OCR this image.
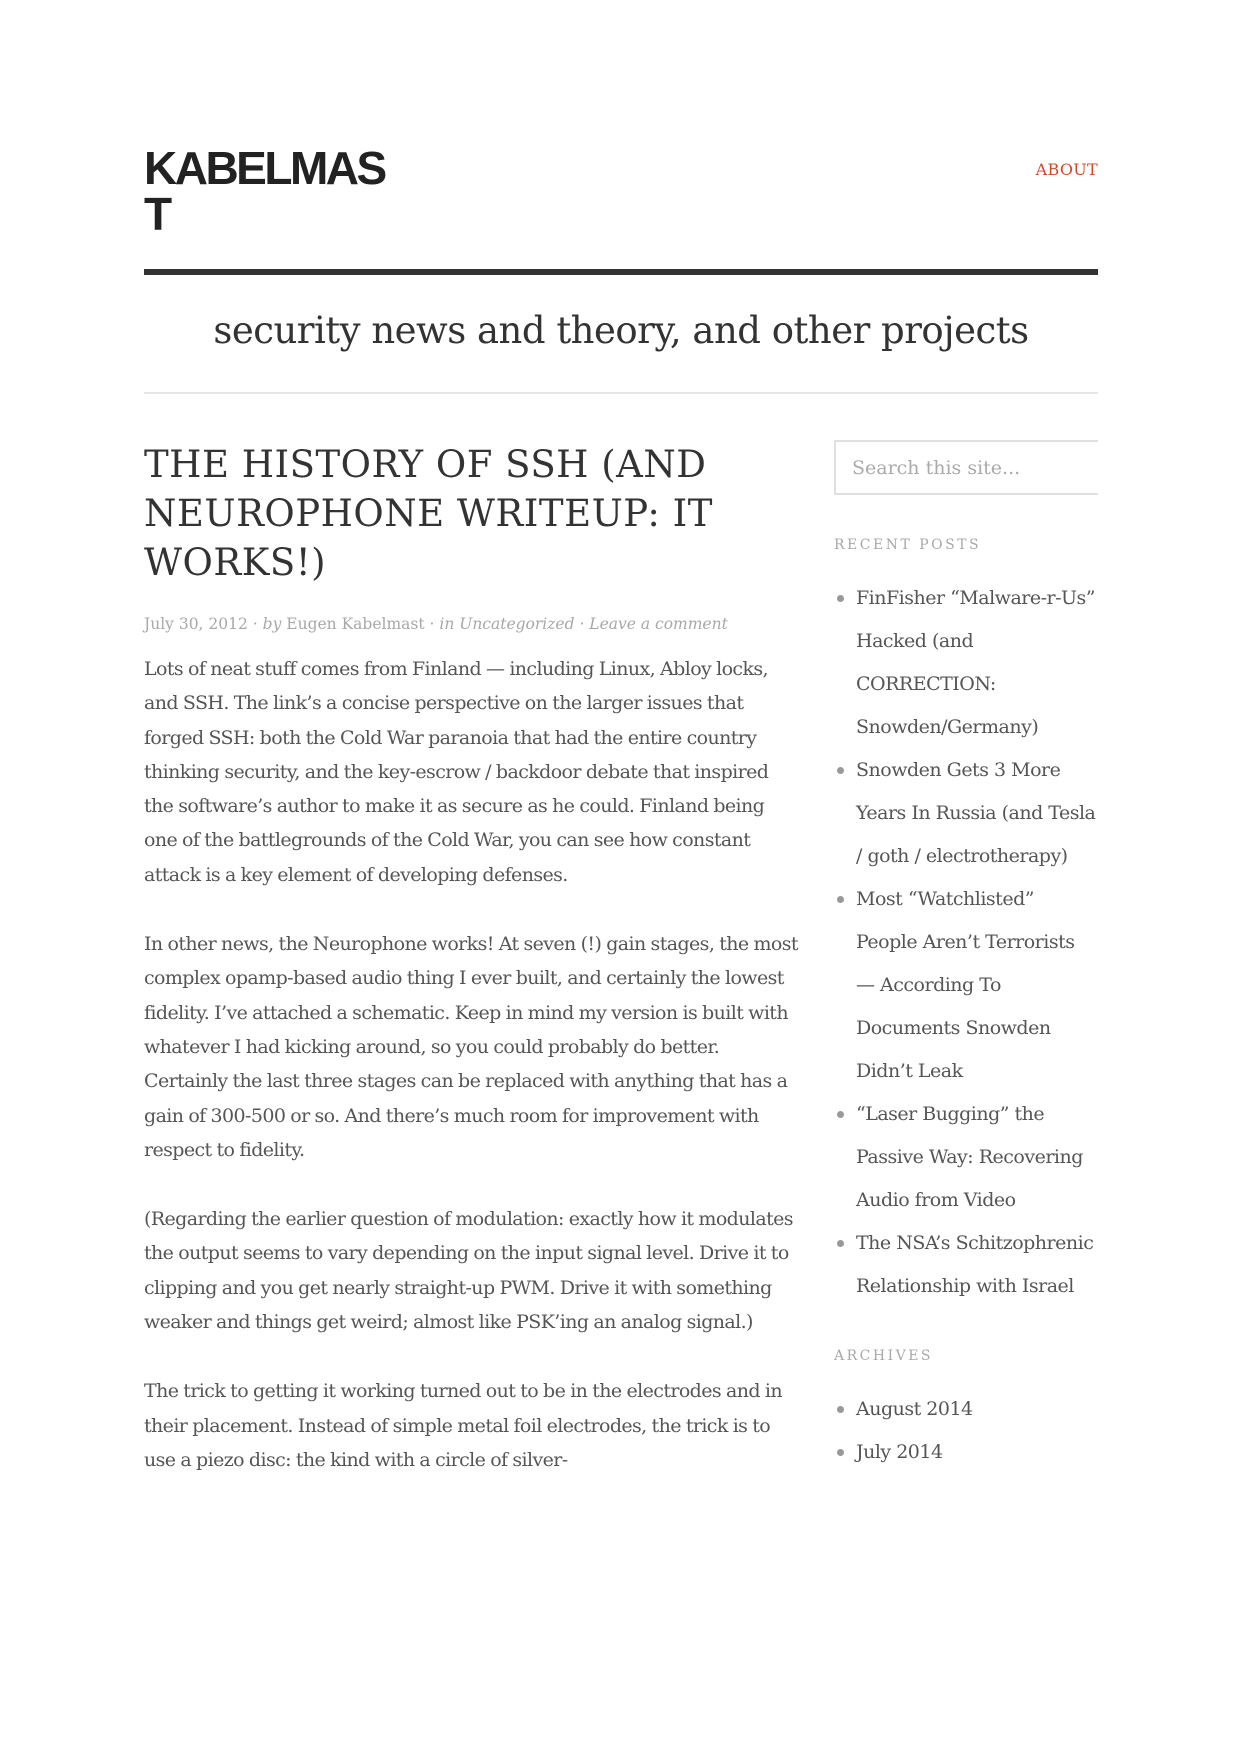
KABELMAST
ABOUT
security news and theory, and other projects
THE HISTORY OF SSH (AND NEUROPHONE WRITEUP: IT WORKS!)
July 30, 2012 · by Eugen Kabelmast · in Uncategorized · Leave a comment

Lots of neat stuff comes from Finland — including Linux, Abloy locks, and SSH. The link’s a concise perspective on the larger issues that forged SSH: both the Cold War paranoia that had the entire country thinking security, and the key-escrow / backdoor debate that inspired the software’s author to make it as secure as he could. Finland being one of the battlegrounds of the Cold War, you can see how constant attack is a key element of developing defenses.

In other news, the Neurophone works! At seven (!) gain stages, the most complex opamp-based audio thing I ever built, and certainly the lowest fidelity. I’ve attached a schematic. Keep in mind my version is built with whatever I had kicking around, so you could probably do better. Certainly the last three stages can be replaced with anything that has a gain of 300-500 or so. And there’s much room for improvement with respect to fidelity.

(Regarding the earlier question of modulation: exactly how it modulates the output seems to vary depending on the input signal level. Drive it to clipping and you get nearly straight-up PWM. Drive it with something weaker and things get weird; almost like PSK’ing an analog signal.)

The trick to getting it working turned out to be in the electrodes and in their placement. Instead of simple metal foil electrodes, the trick is to use a piezo disc: the kind with a circle of silver-

Search this site...
RECENT POSTS
FinFisher “Malware-r-Us” Hacked (and CORRECTION: Snowden/Germany)
Snowden Gets 3 More Years In Russia (and Tesla / goth / electrotherapy)
Most “Watchlisted” People Aren’t Terrorists — According To Documents Snowden Didn’t Leak
“Laser Bugging” the Passive Way: Recovering Audio from Video
The NSA’s Schitzophrenic Relationship with Israel
ARCHIVES
August 2014
July 2014
